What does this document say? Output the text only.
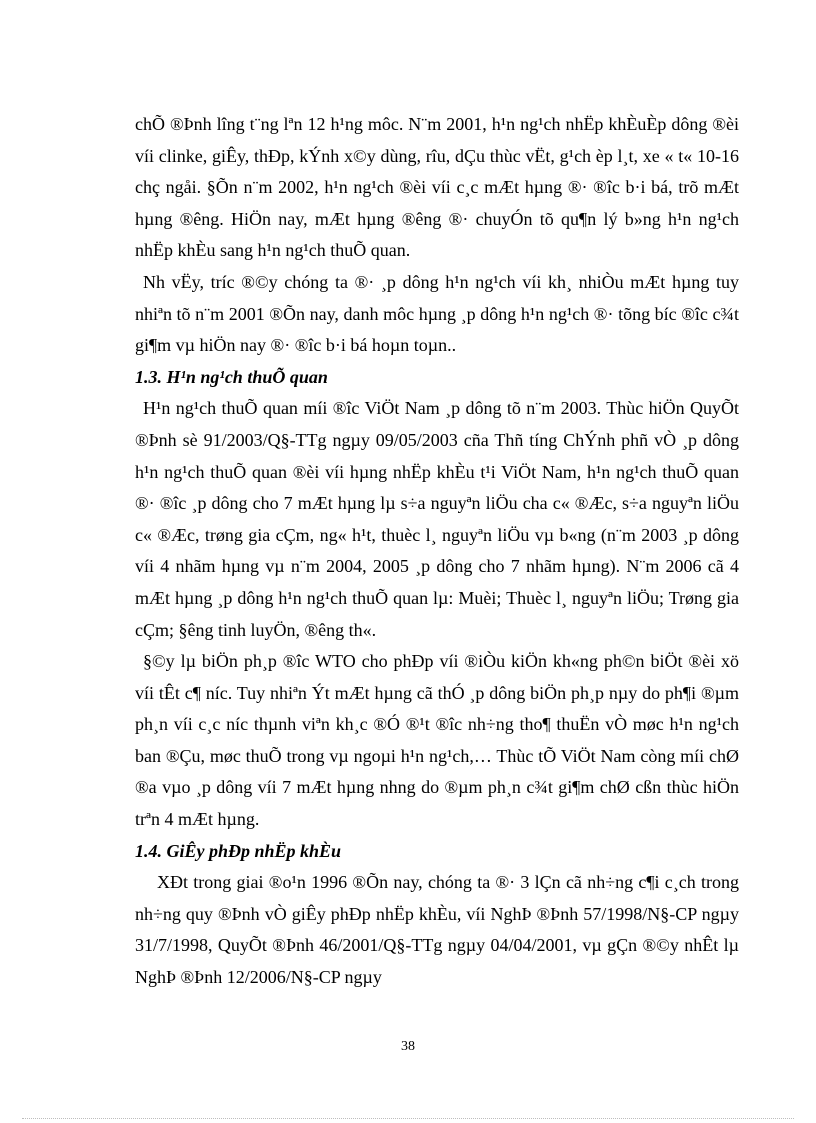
chÕ ®Þnh lîng t¨ng lªn 12 h¹ng môc. N¨m 2001, h¹n ng¹ch nhËp khÈuÈp dông ®èi víi clinke, giÊy, thÐp, kÝnh x©y dùng, rîu, dÇu thùc vËt, g¹ch èp l¸t, xe « t« 10-16 chç ngåi. §Õn n¨m 2002, h¹n ng¹ch ®èi víi c¸c mÆt hµng ®· ®îc b·i bá, trõ mÆt hµng ®êng. HiÖn nay, mÆt hµng ®êng ®· chuyÓn tõ qu¶n lý b»ng h¹n ng¹ch nhËp khÈu sang h¹n ng¹ch thuÕ quan.

Nh vËy, tríc ®©y chóng ta ®· ¸p dông h¹n ng¹ch víi kh¸ nhiÒu mÆt hµng tuy nhiªn tõ n¨m 2001 ®Õn nay, danh môc hµng ¸p dông h¹n ng¹ch ®· tõng bíc ®îc c¾t gi¶m vµ hiÖn nay ®· ®îc b·i bá hoµn toµn..

1.3. H¹n ng¹ch thuÕ quan

H¹n ng¹ch thuÕ quan míi ®îc ViÖt Nam ¸p dông tõ n¨m 2003. Thùc hiÖn QuyÕt ®Þnh sè 91/2003/Q§-TTg ngµy 09/05/2003 cña Thñ tíng ChÝnh phñ vÒ ¸p dông h¹n ng¹ch thuÕ quan ®èi víi hµng nhËp khÈu t¹i ViÖt Nam, h¹n ng¹ch thuÕ quan ®· ®îc ¸p dông cho 7 mÆt hµng lµ s÷a nguyªn liÖu cha c« ®Æc, s÷a nguyªn liÖu c« ®Æc, trøng gia cÇm, ng« h¹t, thuèc l¸ nguyªn liÖu vµ b«ng (n¨m 2003 ¸p dông víi 4 nhãm hµng vµ n¨m 2004, 2005 ¸p dông cho 7 nhãm hµng). N¨m 2006 cã 4 mÆt hµng ¸p dông h¹n ng¹ch thuÕ quan lµ: Muèi; Thuèc l¸ nguyªn liÖu; Trøng gia cÇm; §êng tinh luyÖn, ®êng th«.

§©y lµ biÖn ph¸p ®îc WTO cho phÐp víi ®iÒu kiÖn kh«ng ph©n biÖt ®èi xö víi tÊt c¶ níc. Tuy nhiªn Ýt mÆt hµng cã thÓ ¸p dông biÖn ph¸p nµy do ph¶i ®µm ph¸n víi c¸c níc thµnh viªn kh¸c ®Ó ®¹t ®îc nh÷ng tho¶ thuËn vÒ møc h¹n ng¹ch ban ®Çu, møc thuÕ trong vµ ngoµi h¹n ng¹ch,… Thùc tÕ ViÖt Nam còng míi chØ ®a vµo ¸p dông víi 7 mÆt hµng nhng do ®µm ph¸n c¾t gi¶m chØ cßn thùc hiÖn trªn 4 mÆt hµng.

1.4. GiÊy phÐp nhËp khÈu

XÐt trong giai ®o¹n 1996 ®Õn nay, chóng ta ®· 3 lÇn cã nh÷ng c¶i c¸ch trong nh÷ng quy ®Þnh vÒ giÊy phÐp nhËp khÈu, víi NghÞ ®Þnh 57/1998/N§-CP ngµy 31/7/1998, QuyÕt ®Þnh 46/2001/Q§-TTg ngµy 04/04/2001, vµ gÇn ®©y nhÊt lµ NghÞ ®Þnh 12/2006/N§-CP ngµy

38
